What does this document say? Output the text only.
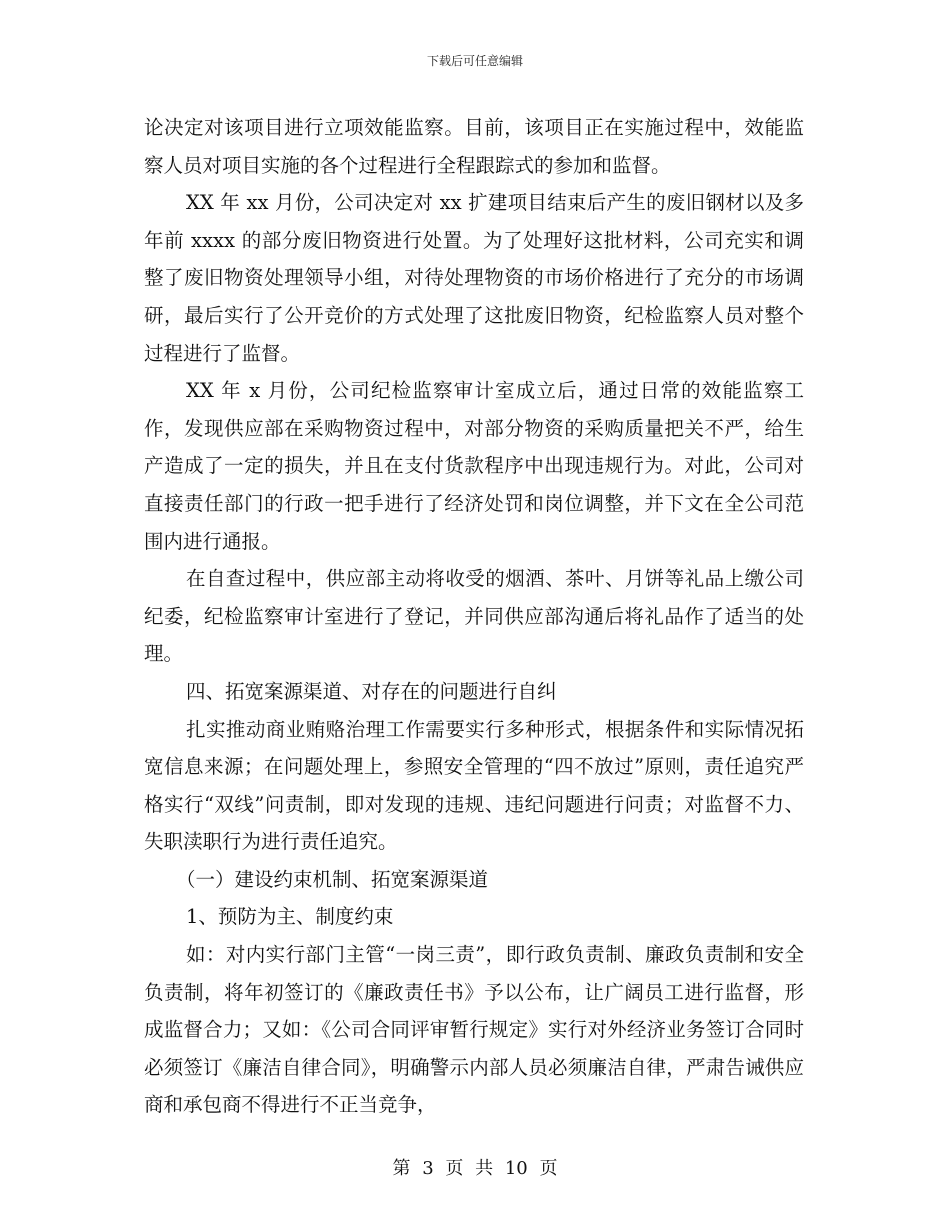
下载后可任意编辑

论决定对该项目进行立项效能监察。目前，该项目正在实施过程中，效能监察人员对项目实施的各个过程进行全程跟踪式的参加和监督。

XX 年 xx 月份，公司决定对 xx 扩建项目结束后产生的废旧钢材以及多年前 xxxx 的部分废旧物资进行处置。为了处理好这批材料，公司充实和调整了废旧物资处理领导小组，对待处理物资的市场价格进行了充分的市场调研，最后实行了公开竞价的方式处理了这批废旧物资，纪检监察人员对整个过程进行了监督。

XX 年 x 月份，公司纪检监察审计室成立后，通过日常的效能监察工作，发现供应部在采购物资过程中，对部分物资的采购质量把关不严，给生产造成了一定的损失，并且在支付货款程序中出现违规行为。对此，公司对直接责任部门的行政一把手进行了经济处罚和岗位调整，并下文在全公司范围内进行通报。

在自查过程中，供应部主动将收受的烟酒、茶叶、月饼等礼品上缴公司纪委，纪检监察审计室进行了登记，并同供应部沟通后将礼品作了适当的处理。

四、拓宽案源渠道、对存在的问题进行自纠

扎实推动商业贿赂治理工作需要实行多种形式，根据条件和实际情况拓宽信息来源；在问题处理上，参照安全管理的“四不放过”原则，责任追究严格实行“双线”问责制，即对发现的违规、违纪问题进行问责；对监督不力、失职渎职行为进行责任追究。

（一）建设约束机制、拓宽案源渠道

1、预防为主、制度约束

如：对内实行部门主管“一岗三责”，即行政负责制、廉政负责制和安全负责制，将年初签订的《廉政责任书》予以公布，让广阔员工进行监督，形成监督合力；又如：《公司合同评审暂行规定》实行对外经济业务签订合同时必须签订《廉洁自律合同》，明确警示内部人员必须廉洁自律，严肃告诫供应商和承包商不得进行不正当竞争，

第 3 页 共 10 页
